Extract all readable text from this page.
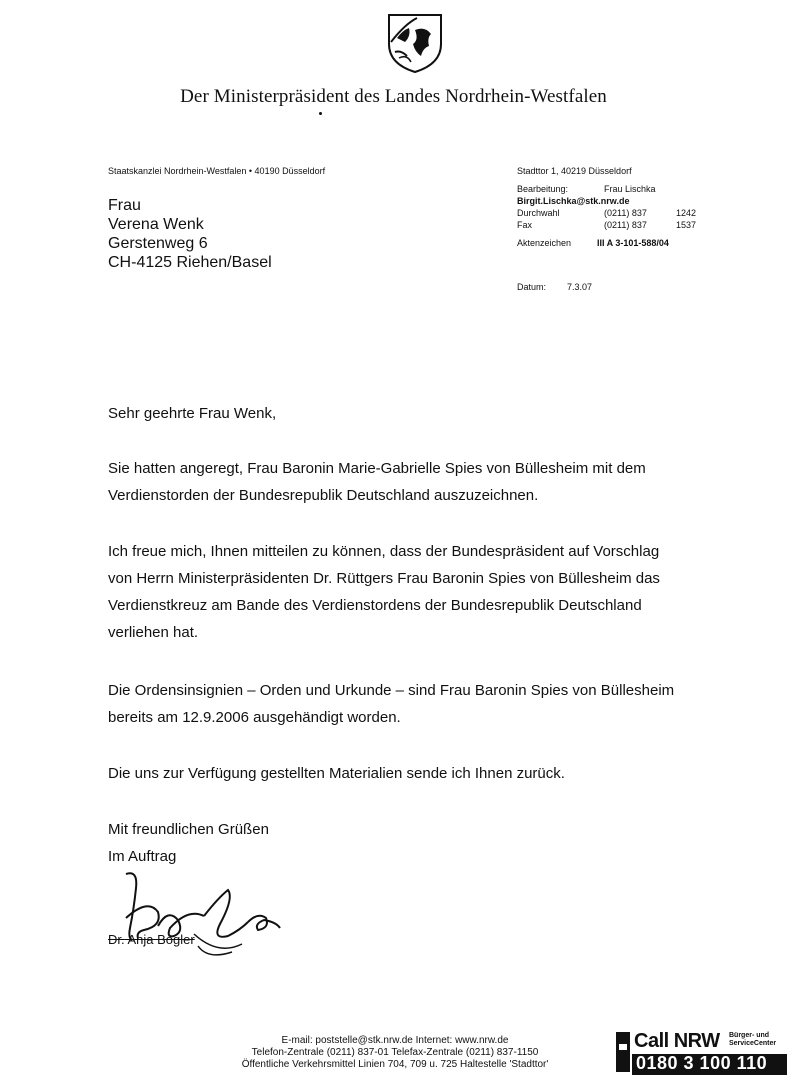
Der Ministerpräsident des Landes Nordrhein-Westfalen
Staatskanzlei Nordrhein-Westfalen • 40190 Düsseldorf
Frau
Verena Wenk
Gerstenweg 6
CH-4125 Riehen/Basel
Stadttor 1, 40219 Düsseldorf
Bearbeitung:	Frau Lischka
Birgit.Lischka@stk.nrw.de
Durchwahl	(0211) 837	1242
Fax	(0211) 837	1537
Aktenzeichen	III A 3-101-588/04
Datum: 7.3.07
Sehr geehrte Frau Wenk,
Sie hatten angeregt, Frau Baronin Marie-Gabrielle Spies von Büllesheim mit dem
Verdienstorden der Bundesrepublik Deutschland auszuzeichnen.
Ich freue mich, Ihnen mitteilen zu können, dass der Bundespräsident auf Vorschlag
von Herrn Ministerpräsidenten Dr. Rüttgers Frau Baronin Spies von Büllesheim das
Verdienstkreuz am Bande des Verdienstordens der Bundesrepublik Deutschland
verliehen hat.
Die Ordensinsignien – Orden und Urkunde – sind Frau Baronin Spies von Büllesheim
bereits am 12.9.2006 ausgehändigt worden.
Die uns zur Verfügung gestellten Materialien sende ich Ihnen zurück.
Mit freundlichen Grüßen
Im Auftrag
Dr. Anja Bogler
E-mail: poststelle@stk.nrw.de Internet: www.nrw.de
Telefon-Zentrale (0211) 837-01 Telefax-Zentrale (0211) 837-1150
Öffentliche Verkehrsmittel Linien 704, 709 u. 725 Haltestelle 'Stadttor'
Call NRW Bürger- und
ServiceCenter
0180 3 100 110
